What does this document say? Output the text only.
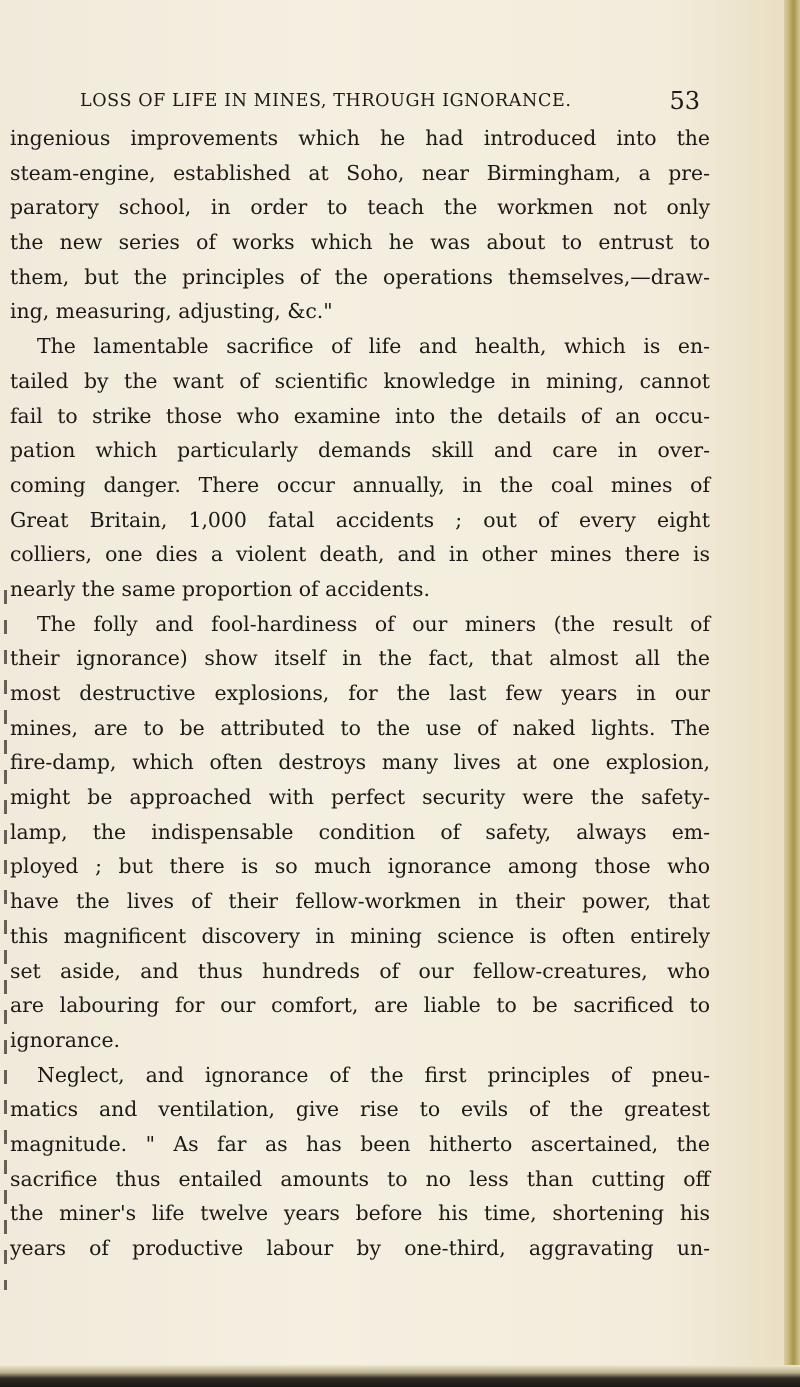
LOSS OF LIFE IN MINES, THROUGH IGNORANCE.	53
ingenious improvements which he had introduced into the
steam-engine, established at Soho, near Birmingham, a pre-
paratory school, in order to teach the workmen not only
the new series of works which he was about to entrust to
them, but the principles of the operations themselves,—draw-
ing, measuring, adjusting, &c."
The lamentable sacrifice of life and health, which is en-
tailed by the want of scientific knowledge in mining, cannot
fail to strike those who examine into the details of an occu-
pation which particularly demands skill and care in over-
coming danger. There occur annually, in the coal mines of
Great Britain, 1,000 fatal accidents ; out of every eight
colliers, one dies a violent death, and in other mines there is
nearly the same proportion of accidents.
The folly and fool-hardiness of our miners (the result of
their ignorance) show itself in the fact, that almost all the
most destructive explosions, for the last few years in our
mines, are to be attributed to the use of naked lights. The
fire-damp, which often destroys many lives at one explosion,
might be approached with perfect security were the safety-
lamp, the indispensable condition of safety, always em-
ployed ; but there is so much ignorance among those who
have the lives of their fellow-workmen in their power, that
this magnificent discovery in mining science is often entirely
set aside, and thus hundreds of our fellow-creatures, who
are labouring for our comfort, are liable to be sacrificed to
ignorance.
Neglect, and ignorance of the first principles of pneu-
matics and ventilation, give rise to evils of the greatest
magnitude. " As far as has been hitherto ascertained, the
sacrifice thus entailed amounts to no less than cutting off
the miner's life twelve years before his time, shortening his
years of productive labour by one-third, aggravating un-
